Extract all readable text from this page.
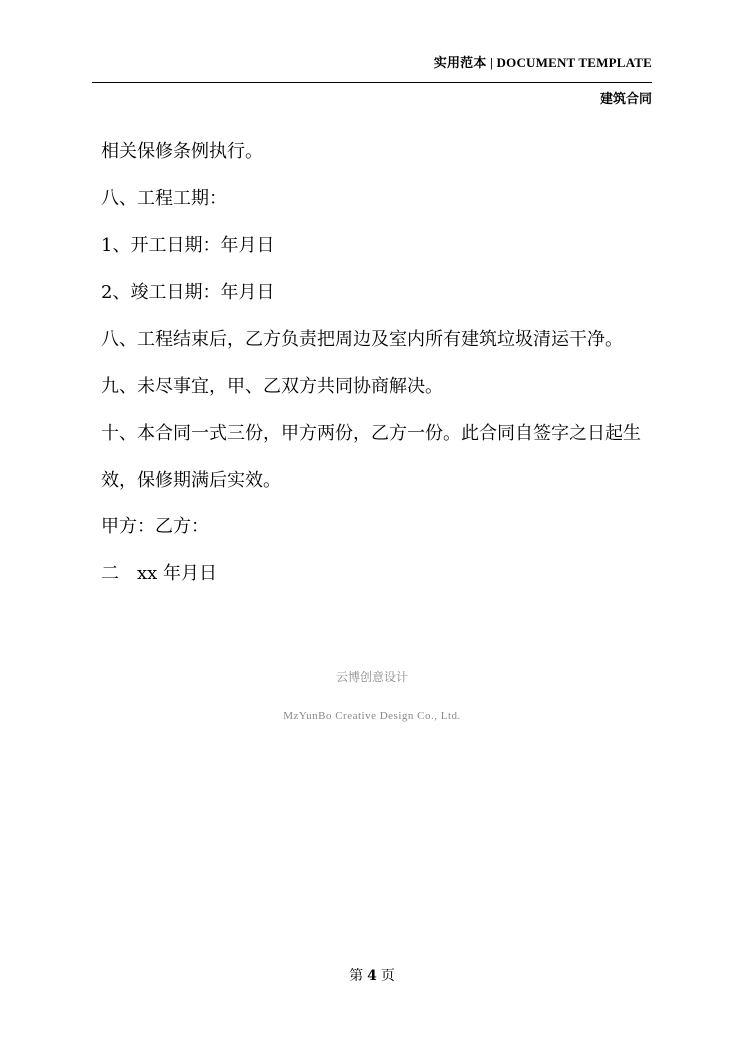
实用范本 | DOCUMENT TEMPLATE
建筑合同

相关保修条例执行。

八、工程工期：

1、开工日期：年月日

2、竣工日期：年月日

八、工程结束后，乙方负责把周边及室内所有建筑垃圾清运干净。

九、未尽事宜，甲、乙双方共同协商解决。

十、本合同一式三份，甲方两份，乙方一份。此合同自签字之日起生效，保修期满后实效。

甲方：乙方：

二 xx 年月日

云博创意设计
MzYunBo Creative Design Co., Ltd.
第 4 页
